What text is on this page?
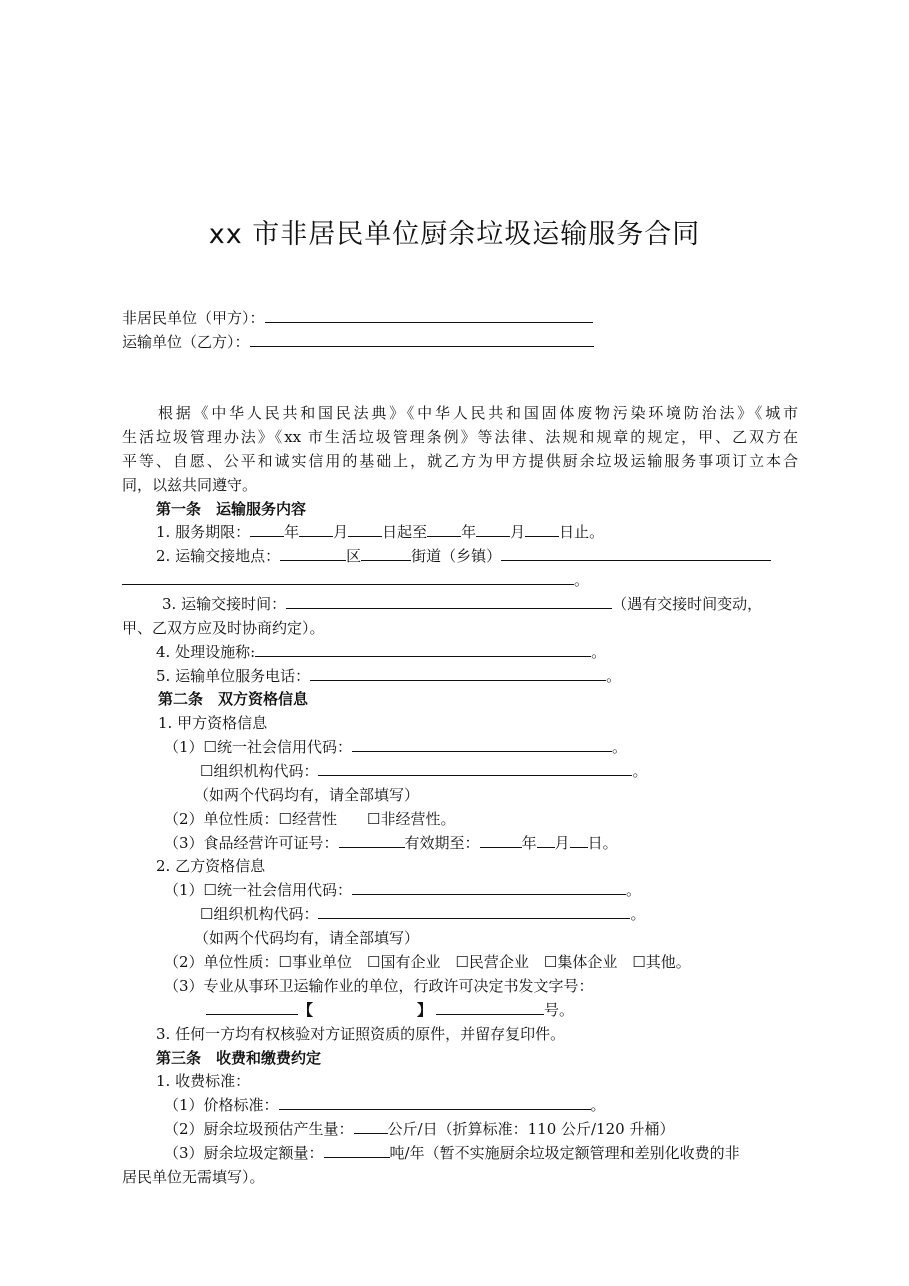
xx 市非居民单位厨余垃圾运输服务合同
非居民单位（甲方）：
运输单位（乙方）：
根据《中华人民共和国民法典》《中华人民共和国固体废物污染环境防治法》《城市
生活垃圾管理办法》《xx 市生活垃圾管理条例》等法律、法规和规章的规定，甲、乙双方在
平等、自愿、公平和诚实信用的基础上，就乙方为甲方提供厨余垃圾运输服务事项订立本合
同，以兹共同遵守。
第一条　运输服务内容
1. 服务期限： 年 月 日起至 年 月 日止。
2. 运输交接地点：	区	街道（乡镇）
。
3. 运输交接时间：	（遇有交接时间变动，
甲、乙双方应及时协商约定）。
4. 处理设施称:	。
5. 运输单位服务电话：	。
第二条　双方资格信息
1. 甲方资格信息
（1）☐统一社会信用代码：	。
☐组织机构代码：	。
（如两个代码均有，请全部填写）
（2）单位性质：☐经营性　　☐非经营性。
（3）食品经营许可证号：	有效期至：	年 月 日。
2. 乙方资格信息
（1）☐统一社会信用代码：	。
☐组织机构代码：	。
（如两个代码均有，请全部填写）
（2）单位性质：☐事业单位　☐国有企业　☐民营企业　☐集体企业　☐其他。
（3）专业从事环卫运输作业的单位，行政许可决定书发文字号：
【	】	号。
3. 任何一方均有权核验对方证照资质的原件，并留存复印件。
第三条　收费和缴费约定
1. 收费标准：
（1）价格标准：	。
（2）厨余垃圾预估产生量： 公斤/日（折算标准：110 公斤/120 升桶）
（3）厨余垃圾定额量：	吨/年（暂不实施厨余垃圾定额管理和差别化收费的非
居民单位无需填写）。
